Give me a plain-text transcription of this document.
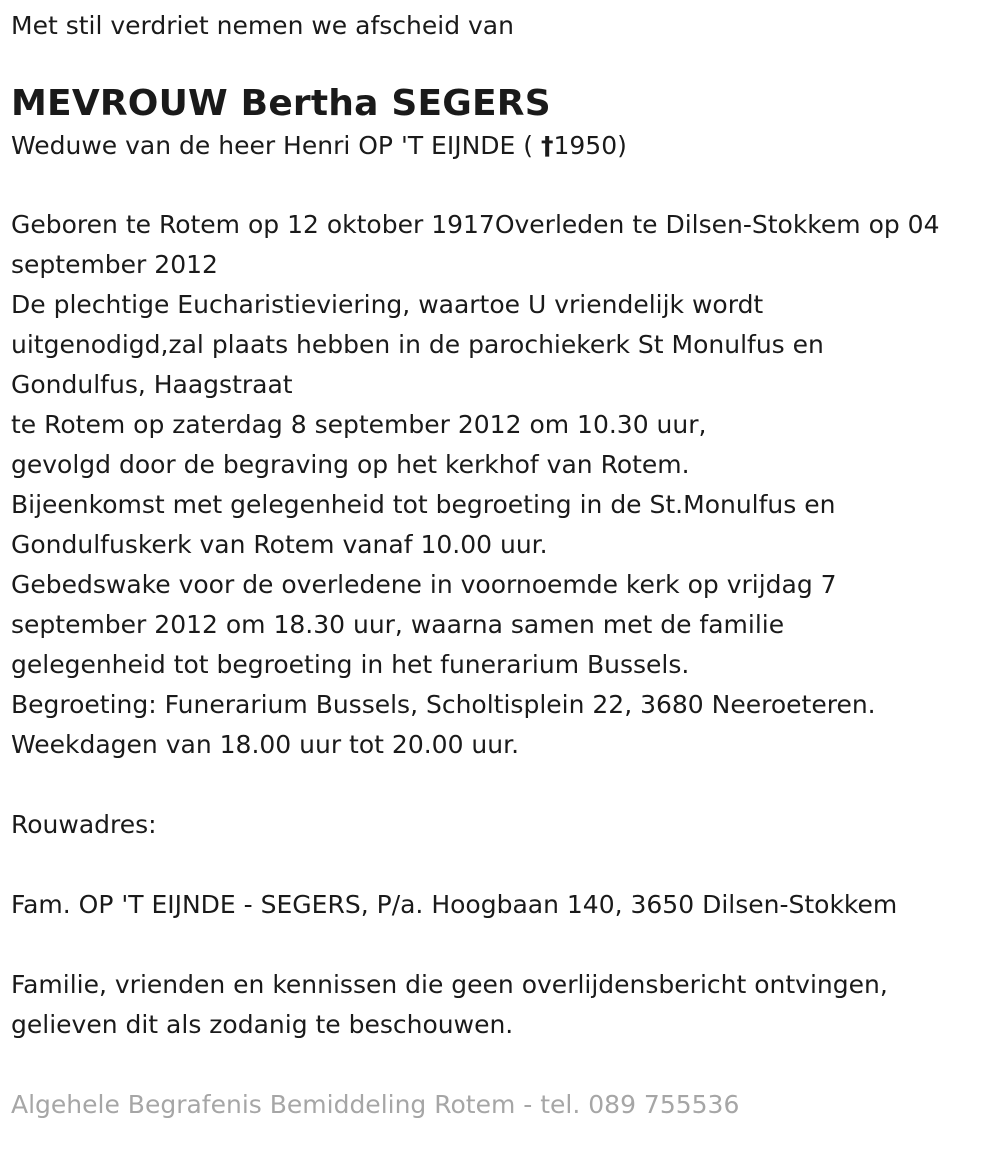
Met stil verdriet nemen we afscheid van

MEVROUW Bertha SEGERS

Weduwe van de heer Henri OP 'T EIJNDE ( †1950)

Geboren te Rotem op 12 oktober 1917Overleden te Dilsen-Stokkem op 04
september 2012
De plechtige Eucharistieviering, waartoe U vriendelijk wordt
uitgenodigd,zal plaats hebben in de parochiekerk St Monulfus en
Gondulfus, Haagstraat
te Rotem op zaterdag 8 september 2012 om 10.30 uur,
gevolgd door de begraving op het kerkhof van Rotem.
Bijeenkomst met gelegenheid tot begroeting in de St.Monulfus en
Gondulfuskerk van Rotem vanaf 10.00 uur.
Gebedswake voor de overledene in voornoemde kerk op vrijdag 7
september 2012 om 18.30 uur, waarna samen met de familie
gelegenheid tot begroeting in het funerarium Bussels.
Begroeting: Funerarium Bussels, Scholtisplein 22, 3680 Neeroeteren.
Weekdagen van 18.00 uur tot 20.00 uur.
Rouwadres:
Fam. OP 'T EIJNDE - SEGERS, P/a. Hoogbaan 140, 3650 Dilsen-Stokkem
Familie, vrienden en kennissen die geen overlijdensbericht ontvingen,
gelieven dit als zodanig te beschouwen.

Algehele Begrafenis Bemiddeling Rotem - tel. 089 755536
